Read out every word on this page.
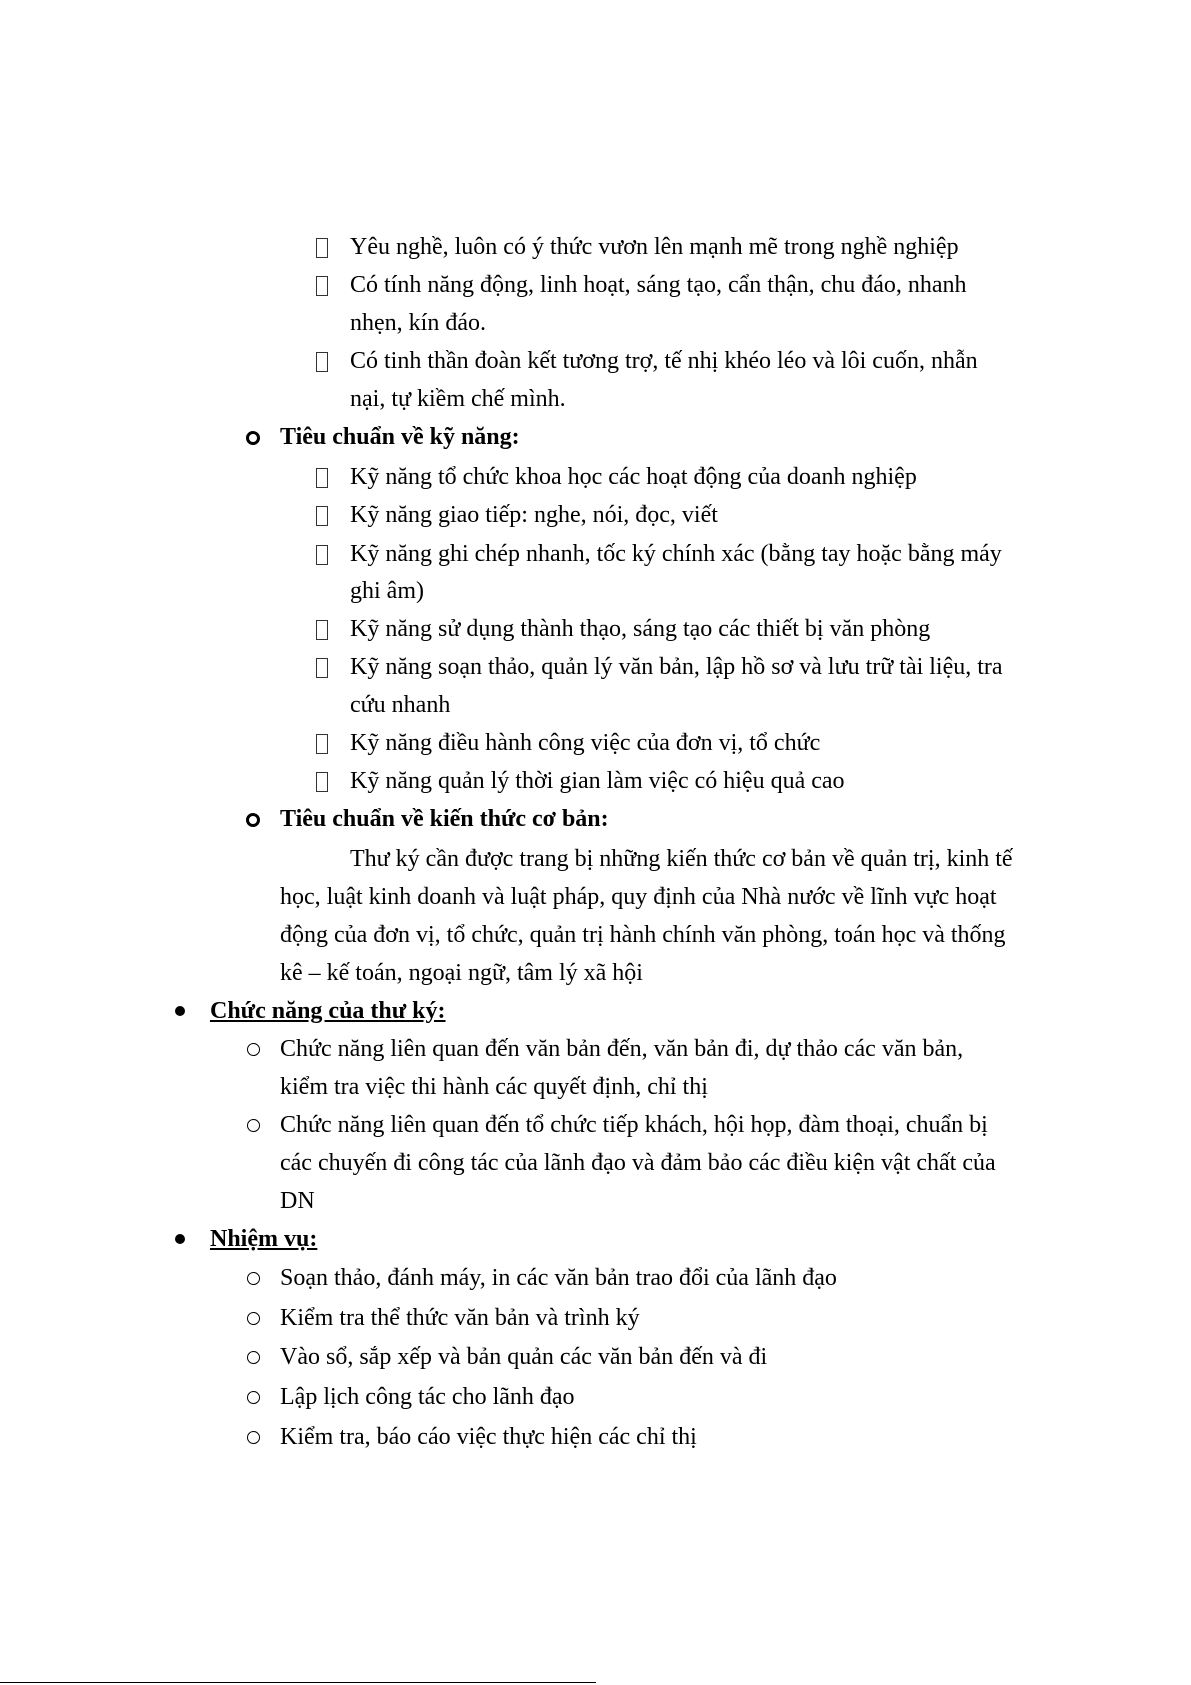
Yêu nghề, luôn có ý thức vươn lên mạnh mẽ trong nghề nghiệp
Có tính năng động, linh hoạt, sáng tạo, cẩn thận, chu đáo, nhanh
nhẹn, kín đáo.
Có tinh thần đoàn kết tương trợ, tế nhị khéo léo và lôi cuốn, nhẫn
nại, tự kiềm chế mình.
Tiêu chuẩn về kỹ năng:
Kỹ năng tổ chức khoa học các hoạt động của doanh nghiệp
Kỹ năng giao tiếp: nghe, nói, đọc, viết
Kỹ năng ghi chép nhanh, tốc ký chính xác (bằng tay hoặc bằng máy
ghi âm)
Kỹ năng sử dụng thành thạo, sáng tạo các thiết bị văn phòng
Kỹ năng soạn thảo, quản lý văn bản, lập hồ sơ và lưu trữ tài liệu, tra
cứu nhanh
Kỹ năng điều hành công việc của đơn vị, tổ chức
Kỹ năng quản lý thời gian làm việc có hiệu quả cao
Tiêu chuẩn về kiến thức cơ bản:
Thư ký cần được trang bị những kiến thức cơ bản về quản trị, kinh tế
học, luật kinh doanh và luật pháp, quy định của Nhà nước về lĩnh vực hoạt
động của đơn vị, tổ chức, quản trị hành chính văn phòng, toán học và thống
kê – kế toán, ngoại ngữ, tâm lý xã hội
Chức năng của thư ký:
Chức năng liên quan đến văn bản đến, văn bản đi, dự thảo các văn bản,
kiểm tra việc thi hành các quyết định, chỉ thị
Chức năng liên quan đến tổ chức tiếp khách, hội họp, đàm thoại, chuẩn bị
các chuyến đi công tác của lãnh đạo và đảm bảo các điều kiện vật chất của
DN
Nhiệm vụ:
Soạn thảo, đánh máy, in các văn bản trao đổi của lãnh đạo
Kiểm tra thể thức văn bản và trình ký
Vào sổ, sắp xếp và bản quản các văn bản đến và đi
Lập lịch công tác cho lãnh đạo
Kiểm tra, báo cáo việc thực hiện các chỉ thị
